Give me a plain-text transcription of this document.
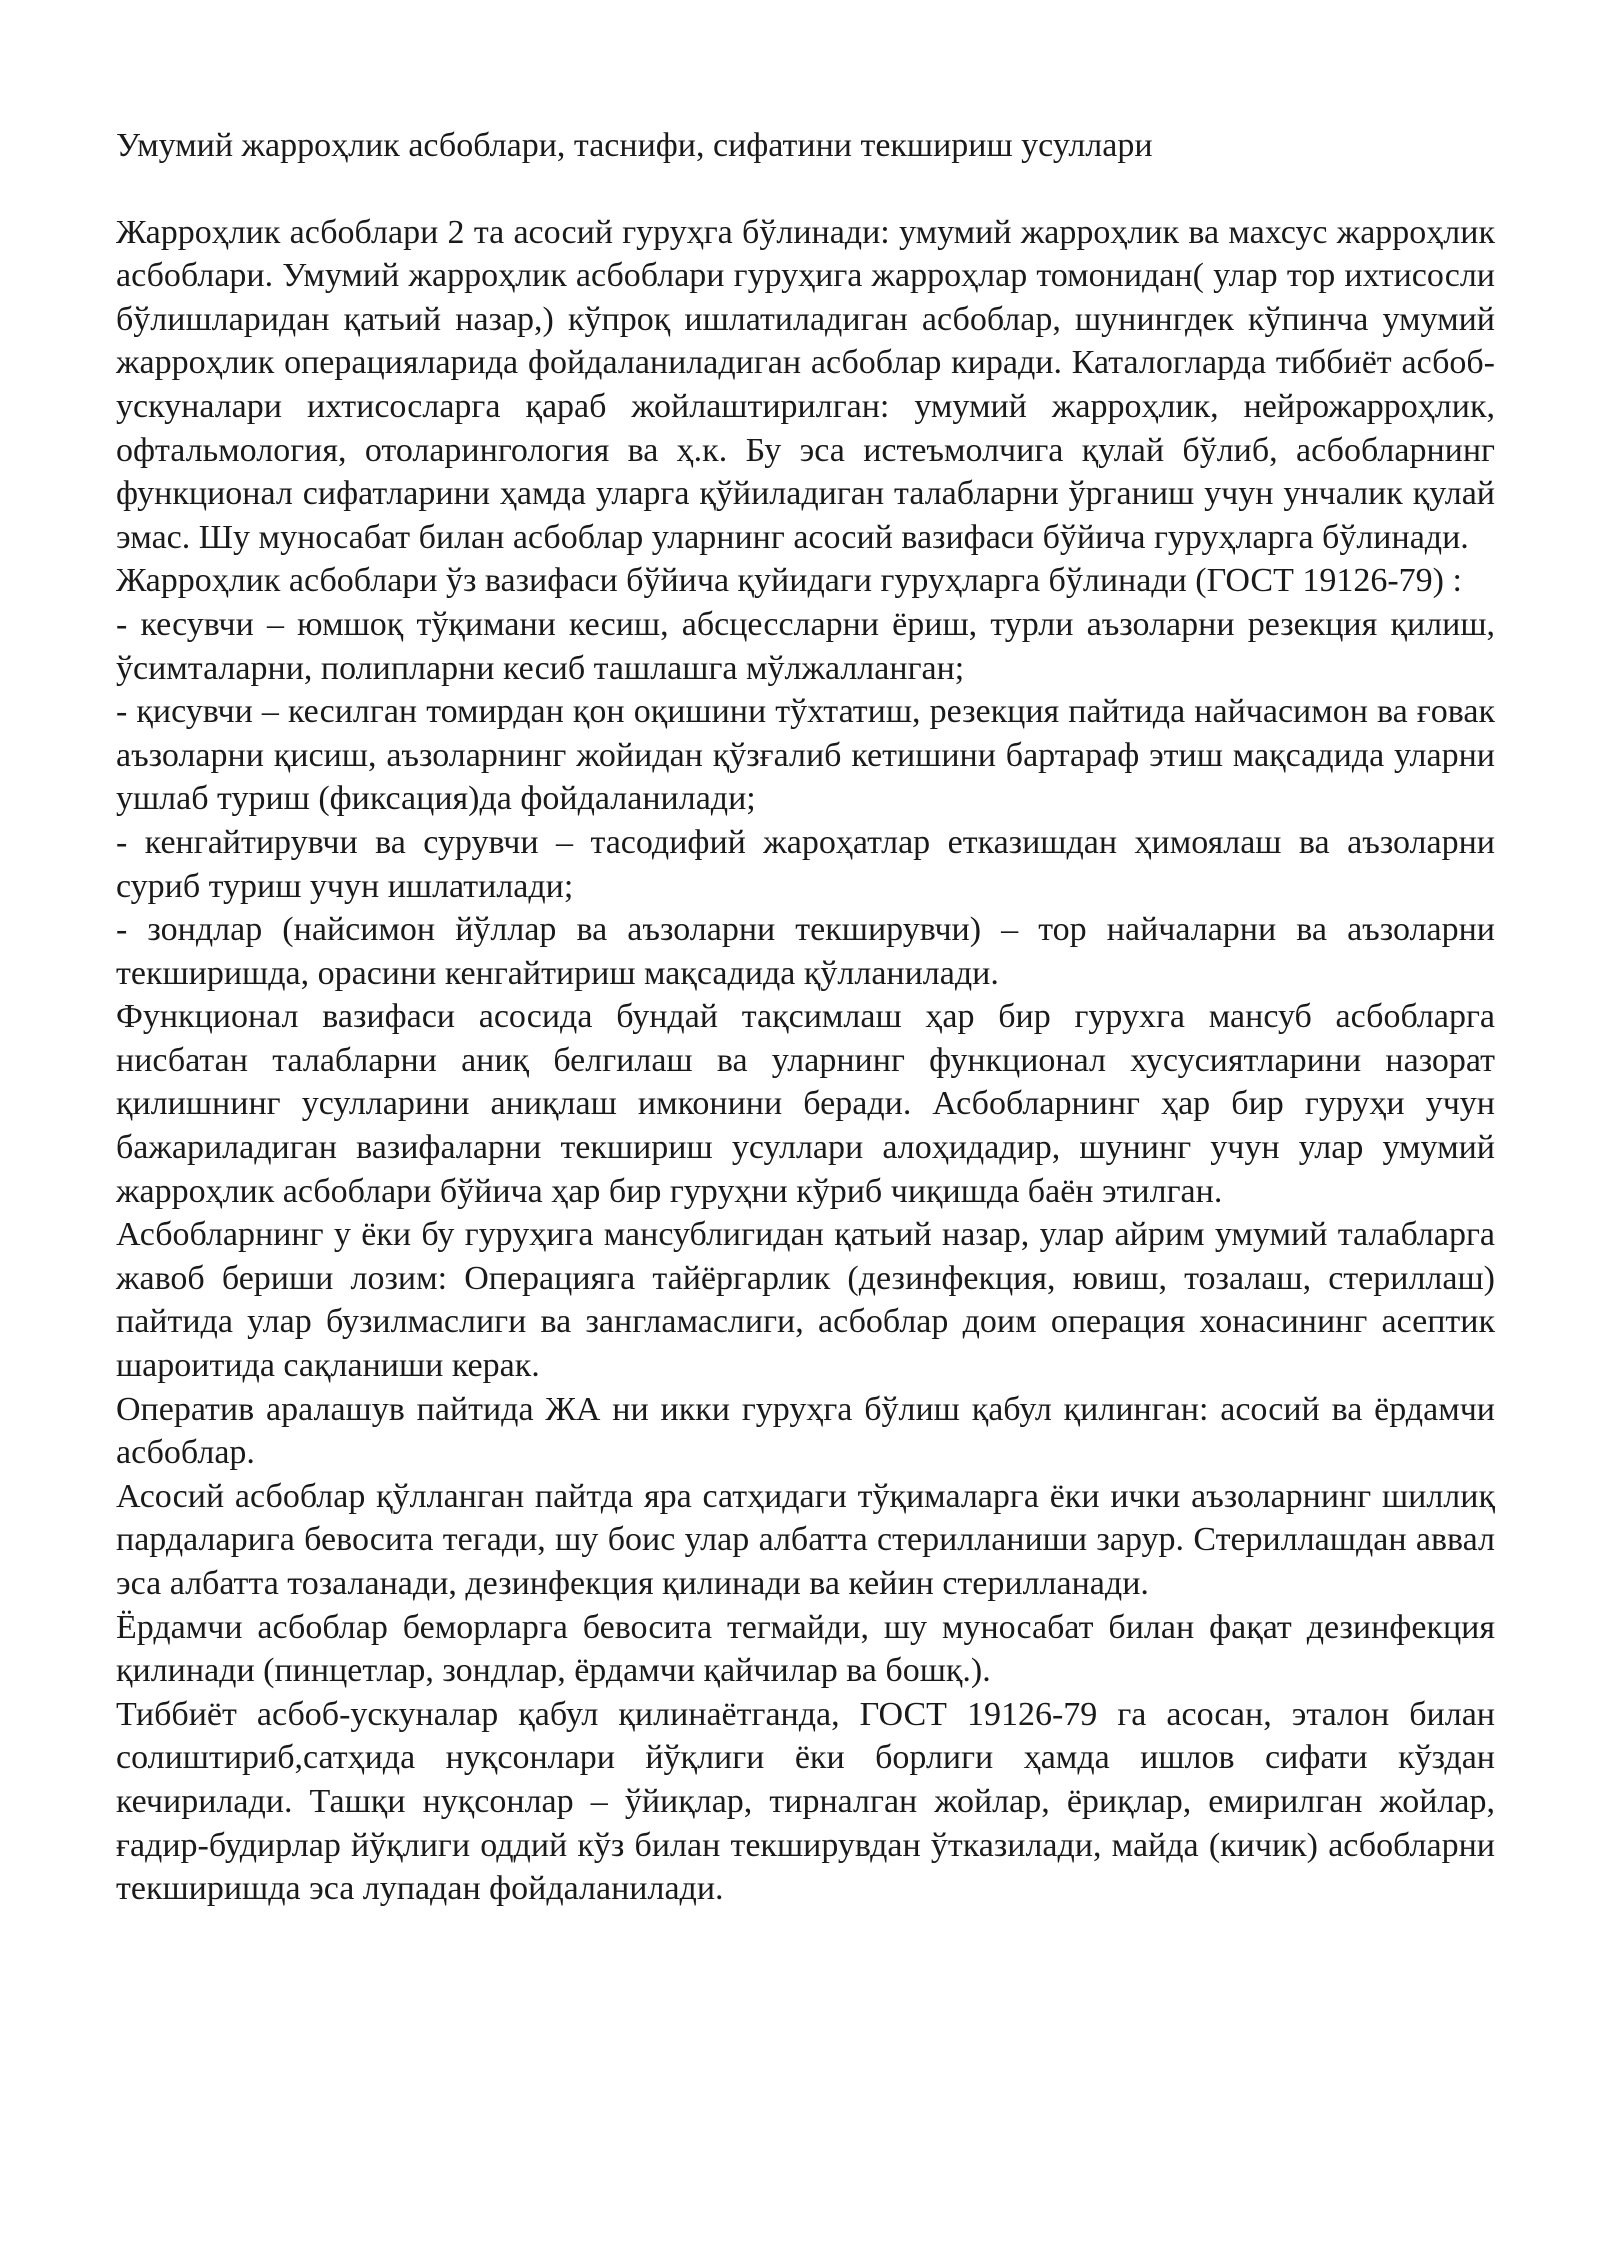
Умумий жарроҳлик асбоблари, таснифи, сифатини текшириш усуллари

Жарроҳлик асбоблари 2 та асосий гуруҳга бўлинади: умумий жарроҳлик ва махсус жарроҳлик асбоблари. Умумий жарроҳлик асбоблари гуруҳига жарроҳлар томонидан( улар тор ихтисосли бўлишларидан қатьий назар,) кўпроқ ишлатиладиган асбоблар, шунингдек кўпинча умумий жарроҳлик операцияларида фойдаланиладиган асбоблар киради. Каталогларда тиббиёт асбоб-ускуналари ихтисосларга қараб жойлаштирилган: умумий жарроҳлик, нейрожарроҳлик, офтальмология, отоларингология ва ҳ.к. Бу эса истеъмолчига қулай бўлиб, асбобларнинг функционал сифатларини ҳамда уларга қўйиладиган талабларни ўрганиш учун унчалик қулай эмас. Шу муносабат билан асбоблар уларнинг асосий вазифаси бўйича гуруҳларга бўлинади.

Жарроҳлик асбоблари ўз вазифаси бўйича қуйидаги гуруҳларга бўлинади (ГОСТ 19126-79) :

- кесувчи – юмшоқ тўқимани кесиш, абсцессларни ёриш, турли аъзоларни резекция қилиш, ўсимталарни, полипларни кесиб ташлашга мўлжалланган;

- қисувчи – кесилган томирдан қон оқишини тўхтатиш, резекция пайтида найчасимон ва ғовак аъзоларни қисиш, аъзоларнинг жойидан қўзғалиб кетишини бартараф этиш мақсадида уларни ушлаб туриш (фиксация)да фойдаланилади;

- кенгайтирувчи ва сурувчи – тасодифий жароҳатлар етказишдан ҳимоялаш ва аъзоларни суриб туриш учун ишлатилади;

- зондлар (найсимон йўллар ва аъзоларни текширувчи) – тор найчаларни ва аъзоларни текширишда, орасини кенгайтириш мақсадида қўлланилади.

Функционал вазифаси асосида бундай тақсимлаш ҳар бир гурухга мансуб асбобларга нисбатан талабларни аниқ белгилаш ва уларнинг функционал хусусиятларини назорат қилишнинг усулларини аниқлаш имконини беради. Асбобларнинг ҳар бир гуруҳи учун бажариладиган вазифаларни текшириш усуллари алоҳидадир, шунинг учун улар умумий жарроҳлик асбоблари бўйича ҳар бир гуруҳни кўриб чиқишда баён этилган.

Асбобларнинг у ёки бу гуруҳига мансублигидан қатьий назар, улар айрим умумий талабларга жавоб бериши лозим: Операцияга тайёргарлик (дезинфекция, ювиш, тозалаш, стериллаш) пайтида улар бузилмаслиги ва зангламаслиги, асбоблар доим операция хонасининг асептик шароитида сақланиши керак.

Оператив аралашув пайтида ЖА ни икки гуруҳга бўлиш қабул қилинган: асосий ва ёрдамчи асбоблар.

Асосий асбоблар қўлланган пайтда яра сатҳидаги тўқималарга ёки ички аъзоларнинг шиллиқ пардаларига бевосита тегади, шу боис улар албатта стерилланиши зарур. Стериллашдан аввал эса албатта тозаланади, дезинфекция қилинади ва кейин стерилланади.

Ёрдамчи асбоблар беморларга бевосита тегмайди, шу муносабат билан фақат дезинфекция қилинади (пинцетлар, зондлар, ёрдамчи қайчилар ва бошқ.).

Тиббиёт асбоб-ускуналар қабул қилинаётганда, ГОСТ 19126-79 га асосан, эталон билан солиштириб,сатҳида нуқсонлари йўқлиги ёки борлиги ҳамда ишлов сифати кўздан кечирилади. Ташқи нуқсонлар – ўйиқлар, тирналган жойлар, ёриқлар, емирилган жойлар, ғадир-будирлар йўқлиги оддий кўз билан текширувдан ўтказилади, майда (кичик) асбобларни текширишда эса лупадан фойдаланилади.
